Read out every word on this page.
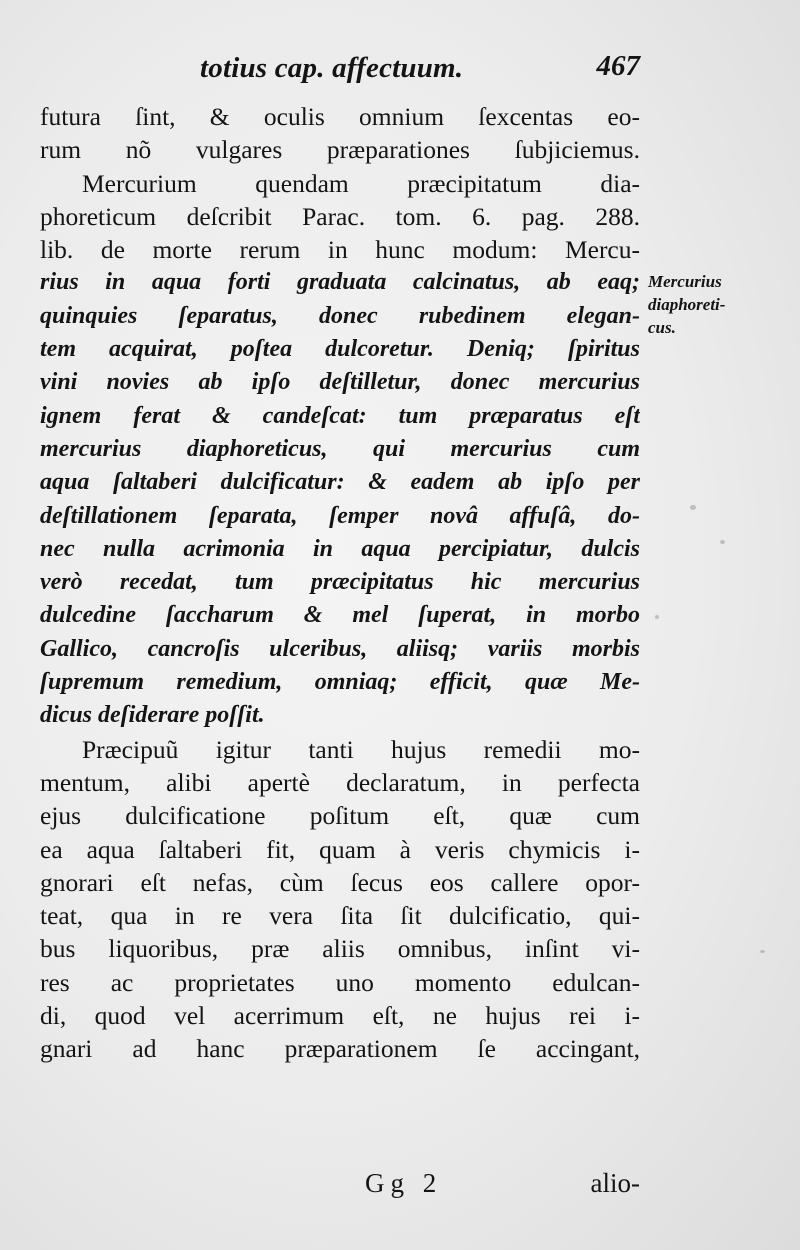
totius cap. affectuum.	467
futura ſint, & oculis omnium ſexcentas eo-
rum nõ vulgares præparationes ſubjiciemus.
Mercurium quendam præcipitatum dia-
phoreticum deſcribit Parac. tom. 6. pag. 288.
lib. de morte rerum in hunc modum: Mercu-
rius in aqua forti graduata calcinatus, ab eaq;
quinquies ſeparatus, donec rubedinem elegan-
tem acquirat, poſtea dulcoretur. Deniq; ſpiritus
vini novies ab ipſo deſtilletur, donec mercurius
ignem ferat & candeſcat: tum præparatus eſt
mercurius diaphoreticus, qui mercurius cum
aqua ſaltaberi dulcificatur: & eadem ab ipſo per
deſtillationem ſeparata, ſemper novâ affuſâ, do-
nec nulla acrimonia in aqua percipiatur, dulcis
verò recedat, tum præcipitatus hic mercurius
dulcedine ſaccharum & mel ſuperat, in morbo
Gallico, cancroſis ulceribus, aliisq; variis morbis
ſupremum remedium, omniaq; efficit, quæ Me-
dicus deſiderare poſſit.
Præcipuũ igitur tanti hujus remedii mo-
mentum, alibi apertè declaratum, in perfecta
ejus dulcificatione poſitum eſt, quæ cum
ea aqua ſaltaberi fit, quam à veris chymicis i-
gnorari eſt nefas, cùm ſecus eos callere opor-
teat, qua in re vera ſita ſit dulcificatio, qui-
bus liquoribus, præ aliis omnibus, inſint vi-
res ac proprietates uno momento edulcan-
di, quod vel acerrimum eſt, ne hujus rei i-
gnari ad hanc præparationem ſe accingant,
Mercurius
diaphoreti-
cus.
Gg 2	alio-
